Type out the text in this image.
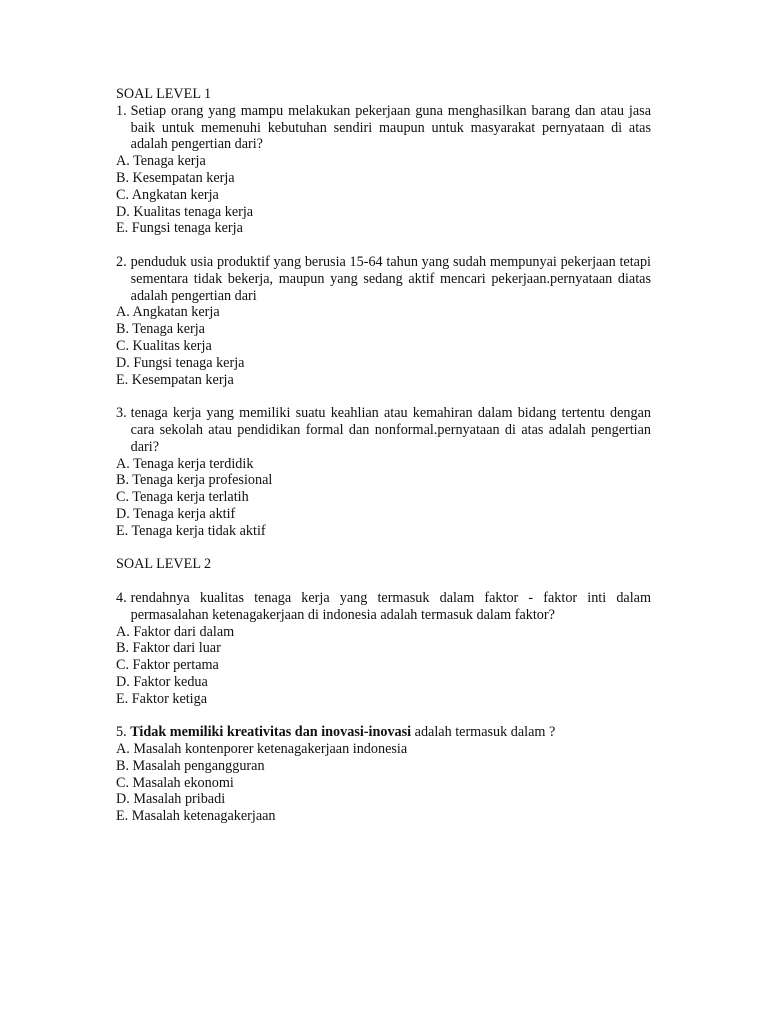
SOAL LEVEL 1
1. Setiap orang yang mampu melakukan pekerjaan guna menghasilkan barang dan atau jasa baik untuk memenuhi kebutuhan sendiri maupun untuk masyarakat pernyataan di atas adalah pengertian dari?
A. Tenaga kerja
B. Kesempatan kerja
C. Angkatan kerja
D. Kualitas tenaga kerja
E. Fungsi tenaga kerja
2. penduduk usia produktif yang berusia 15-64 tahun yang sudah mempunyai pekerjaan tetapi sementara tidak bekerja, maupun yang sedang aktif mencari pekerjaan.pernyataan diatas adalah pengertian dari
A. Angkatan kerja
B. Tenaga kerja
C. Kualitas kerja
D. Fungsi tenaga kerja
E. Kesempatan kerja
3. tenaga kerja yang memiliki suatu keahlian atau kemahiran dalam bidang tertentu dengan cara sekolah atau pendidikan formal dan nonformal.pernyataan di atas adalah pengertian dari?
A. Tenaga kerja terdidik
B. Tenaga kerja profesional
C. Tenaga kerja terlatih
D. Tenaga kerja aktif
E. Tenaga kerja tidak aktif
SOAL LEVEL 2
4. rendahnya kualitas tenaga kerja yang termasuk dalam faktor - faktor inti dalam permasalahan ketenagakerjaan di indonesia adalah termasuk dalam faktor?
A. Faktor dari dalam
B. Faktor dari luar
C. Faktor pertama
D. Faktor kedua
E. Faktor ketiga
5. Tidak memiliki kreativitas dan inovasi-inovasi adalah termasuk dalam ?
A. Masalah kontenporer ketenagakerjaan indonesia
B. Masalah pengangguran
C. Masalah ekonomi
D. Masalah pribadi
E. Masalah ketenagakerjaan
